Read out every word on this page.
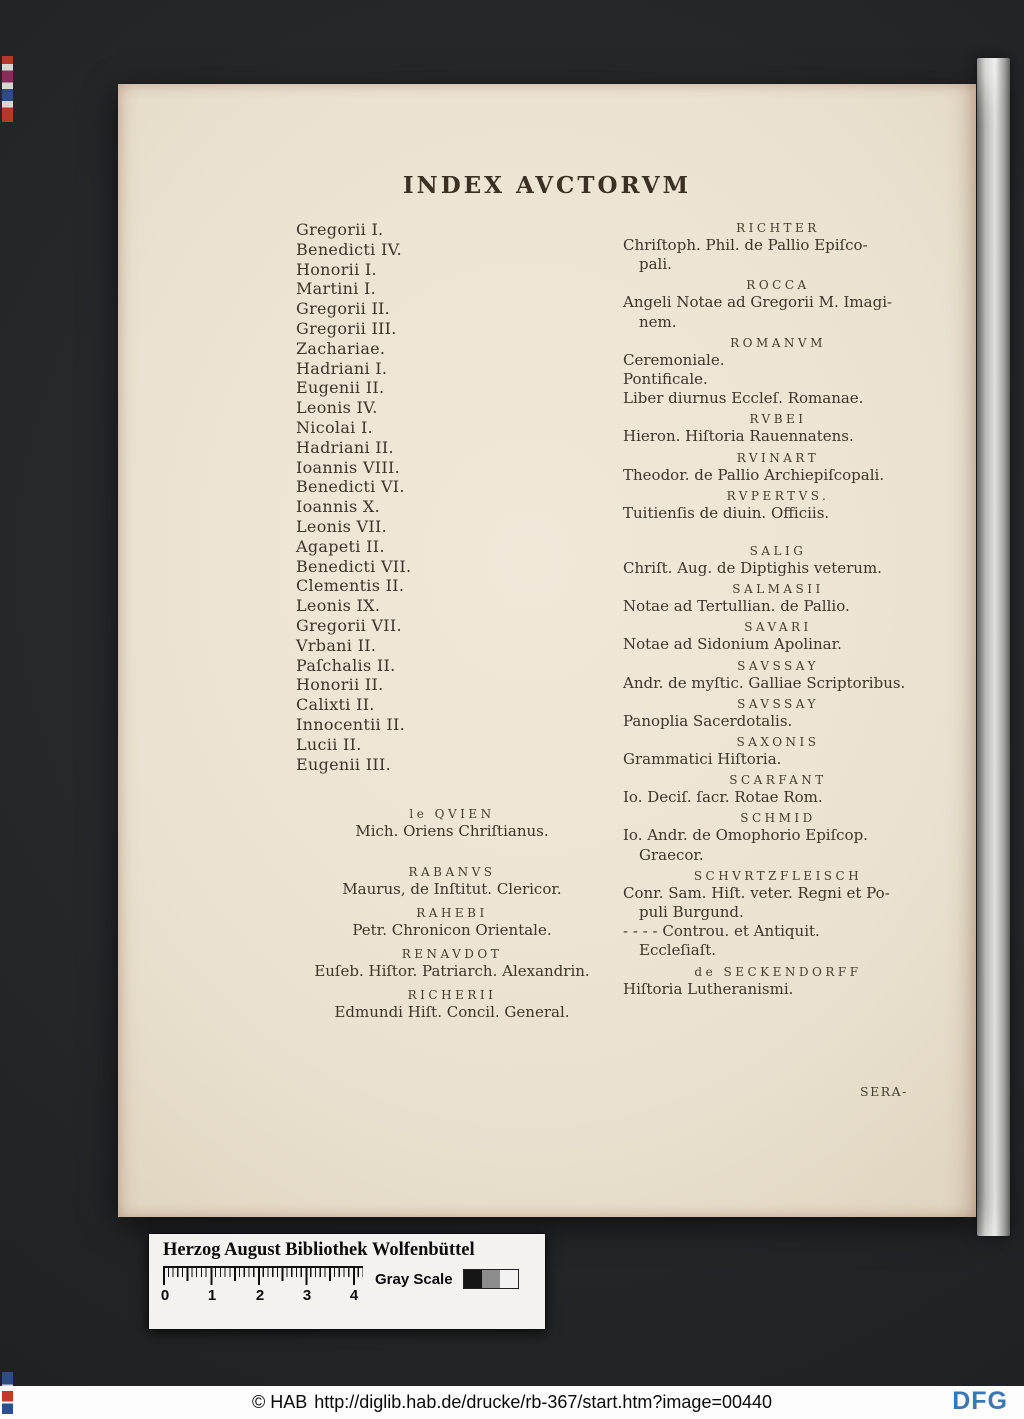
INDEX AVCTORVM
Gregorii I.
Benedicti IV.
Honorii I.
Martini I.
Gregorii II.
Gregorii III.
Zachariae.
Hadriani I.
Eugenii II.
Leonis IV.
Nicolai I.
Hadriani II.
Ioannis VIII.
Benedicti VI.
Ioannis X.
Leonis VII.
Agapeti II.
Benedicti VII.
Clementis II.
Leonis IX.
Gregorii VII.
Vrbani II.
Paſchalis II.
Honorii II.
Calixti II.
Innocentii II.
Lucii II.
Eugenii III.
le QVIEN
Mich. Oriens Chriſtianus.
RABANVS
Maurus, de Inſtitut. Clericor.
RAHEBI
Petr. Chronicon Orientale.
RENAVDOT
Euſeb. Hiſtor. Patriarch. Alexandrin.
RICHERII
Edmundi Hiſt. Concil. General.
RICHTER
Chriſtoph. Phil. de Pallio Epiſco-
pali.
ROCCA
Angeli Notae ad Gregorii M. Imagi-
nem.
ROMANVM
Ceremoniale.
Pontificale.
Liber diurnus Eccleſ. Romanae.
RVBEI
Hieron. Hiſtoria Rauennatens.
RVINART
Theodor. de Pallio Archiepiſcopali.
RVPERTVS.
Tuitienſis de diuin. Officiis.
SALIG
Chriſt. Aug. de Diptighis veterum.
SALMASII
Notae ad Tertullian. de Pallio.
SAVARI
Notae ad Sidonium Apolinar.
SAVSSAY
Andr. de myſtic. Galliae Scriptoribus.
SAVSSAY
Panoplia Sacerdotalis.
SAXONIS
Grammatici Hiſtoria.
SCARFANT
Io. Deciſ. ſacr. Rotae Rom.
SCHMID
Io. Andr. de Omophorio Epiſcop.
Graecor.
SCHVRTZFLEISCH
Conr. Sam. Hiſt. veter. Regni et Po-
puli Burgund.
- - - - Controu. et Antiquit.
Eccleſiaſt.
de SECKENDORFF
Hiſtoria Lutheranismi.
SERA-
Herzog August Bibliothek Wolfenbüttel
0	1	2	3	4
Gray Scale
© HAB http://diglib.hab.de/drucke/rb-367/start.htm?image=00440	DFG
